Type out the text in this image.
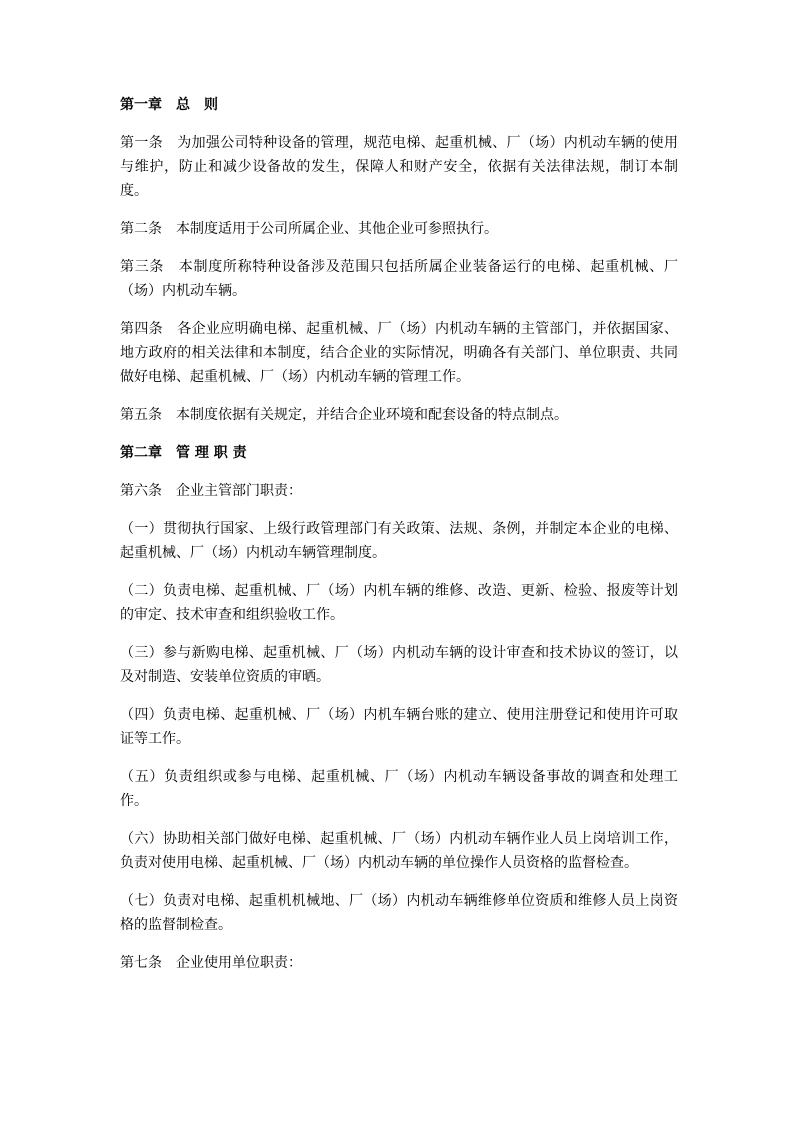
第一章　总　则
第一条　为加强公司特种设备的管理，规范电梯、起重机械、厂（场）内机动车辆的使用与维护，防止和减少设备故的发生，保障人和财产安全，依据有关法律法规，制订本制度。
第二条　本制度适用于公司所属企业、其他企业可参照执行。
第三条　本制度所称特种设备涉及范围只包括所属企业装备运行的电梯、起重机械、厂（场）内机动车辆。
第四条　各企业应明确电梯、起重机械、厂（场）内机动车辆的主管部门，并依据国家、地方政府的相关法律和本制度，结合企业的实际情况，明确各有关部门、单位职责、共同做好电梯、起重机械、厂（场）内机动车辆的管理工作。
第五条　本制度依据有关规定，并结合企业环境和配套设备的特点制点。
第二章　管 理 职 责
第六条　企业主管部门职责：
（一）贯彻执行国家、上级行政管理部门有关政策、法规、条例，并制定本企业的电梯、起重机械、厂（场）内机动车辆管理制度。
（二）负责电梯、起重机械、厂（场）内机车辆的维修、改造、更新、检验、报废等计划的审定、技术审查和组织验收工作。
（三）参与新购电梯、起重机械、厂（场）内机动车辆的设计审查和技术协议的签订，以及对制造、安装单位资质的审晒。
（四）负责电梯、起重机械、厂（场）内机车辆台账的建立、使用注册登记和使用许可取证等工作。
（五）负责组织或参与电梯、起重机械、厂（场）内机动车辆设备事故的调查和处理工作。
（六）协助相关部门做好电梯、起重机械、厂（场）内机动车辆作业人员上岗培训工作，负责对使用电梯、起重机械、厂（场）内机动车辆的单位操作人员资格的监督检查。
（七）负责对电梯、起重机机械地、厂（场）内机动车辆维修单位资质和维修人员上岗资格的监督制检查。
第七条　企业使用单位职责：
